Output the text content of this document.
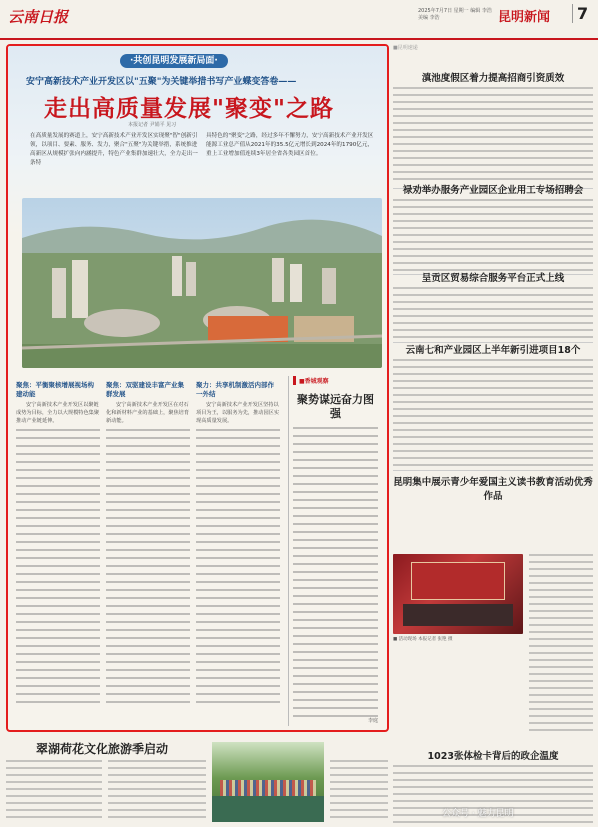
云南日报	2025年7月7日 星期一 编辑 李浩 美编 李浩	昆明新闻	7
·共创昆明发展新局面·
安宁高新技术产业开发区以"五聚"为关键举措书写产业蝶变答卷——
走出高质量发展"聚变"之路
本报记者 尹娟平 见习
在高质量发展的赛道上，安宁高新技术产业开发区实现聚"智"创新引领，以项目、要素、服务、发力，聚合"五聚"为关键举措，系统推进高新区从规模扩张向内涵提升，特色产业集群加速壮大，全力走出一条特
具特色的"聚变"之路，经过多年不懈努力，安宁高新技术产业开发区能源工业总产值从2021年的35.5亿元增长到2024年的1790亿元，重上工业增加值连续3年居全省各类园区首位。
聚焦：平衡聚核增展视场构建动能

安宁高新技术产业开发区以聚链成势为目标，全力以大规模特色集聚推动产业链延伸。

聚焦：双驱建设丰富产业集群发展

安宁高新技术产业开发区在对石化和新材料产业的基础上，聚焦培育新动能。

聚力：共享机制激活内部作一外结

安宁高新技术产业开发区坚持以项目为王，以服务为先，推动园区实现高质量发展。

■香城观察
聚势谋远奋力图强
李庭
■昆明速递
滇池度假区着力提高招商引资质效
禄劝举办服务产业园区企业用工专场招聘会
呈贡区贸易综合服务平台正式上线
云南七和产业园区上半年新引进项目18个
昆明集中展示青少年爱国主义读书教育活动优秀作品
■ 活动现场 本报记者 张艳 摄
1023张体检卡背后的政企温度
翠湖荷花文化旅游季启动
公众号 · 魅力昆明
